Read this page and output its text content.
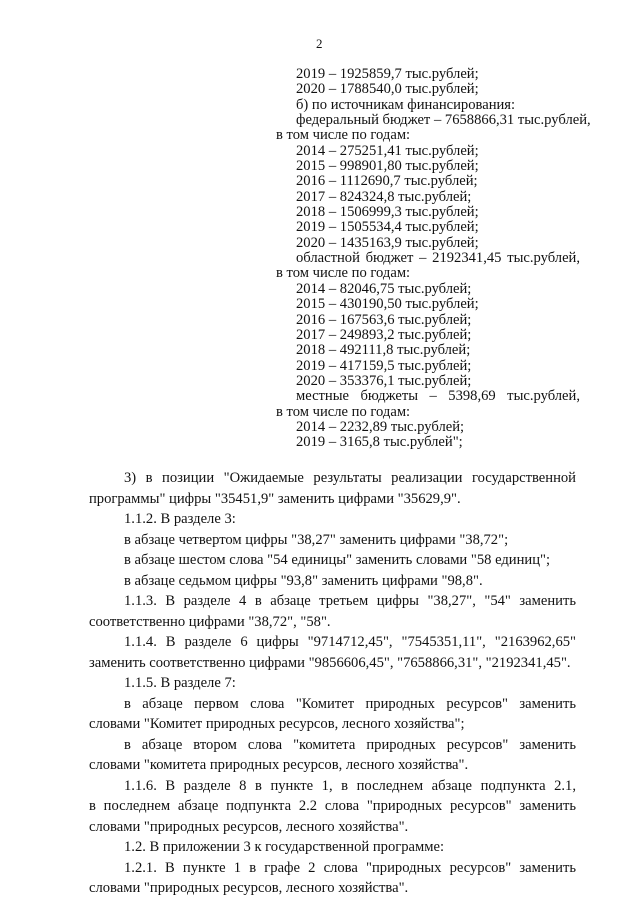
2
2019 – 1925859,7 тыс.рублей;
2020 – 1788540,0 тыс.рублей;
б) по источникам финансирования:
федеральный бюджет – 7658866,31 тыс.рублей,
в том числе по годам:
2014 – 275251,41 тыс.рублей;
2015 – 998901,80 тыс.рублей;
2016 – 1112690,7 тыс.рублей;
2017 – 824324,8 тыс.рублей;
2018 – 1506999,3 тыс.рублей;
2019 – 1505534,4 тыс.рублей;
2020 – 1435163,9 тыс.рублей;
областной бюджет – 2192341,45 тыс.рублей,
в том числе по годам:
2014 – 82046,75 тыс.рублей;
2015 – 430190,50 тыс.рублей;
2016 – 167563,6 тыс.рублей;
2017 – 249893,2 тыс.рублей;
2018 – 492111,8 тыс.рублей;
2019 – 417159,5 тыс.рублей;
2020 – 353376,1 тыс.рублей;
местные бюджеты – 5398,69 тыс.рублей,
в том числе по годам:
2014 – 2232,89 тыс.рублей;
2019 – 3165,8 тыс.рублей";
3) в позиции "Ожидаемые результаты реализации государственной
программы" цифры "35451,9" заменить цифрами "35629,9".
1.1.2. В разделе 3:
в абзаце четвертом цифры "38,27" заменить цифрами "38,72";
в абзаце шестом слова "54 единицы" заменить словами "58 единиц";
в абзаце седьмом цифры "93,8" заменить цифрами "98,8".
1.1.3. В разделе 4 в абзаце третьем цифры "38,27", "54" заменить
соответственно цифрами "38,72", "58".
1.1.4. В разделе 6 цифры "9714712,45", "7545351,11", "2163962,65"
заменить соответственно цифрами "9856606,45", "7658866,31", "2192341,45".
1.1.5. В разделе 7:
в абзаце первом слова "Комитет природных ресурсов" заменить
словами "Комитет природных ресурсов, лесного хозяйства";
в абзаце втором слова "комитета природных ресурсов" заменить
словами "комитета природных ресурсов, лесного хозяйства".
1.1.6. В разделе 8 в пункте 1, в последнем абзаце подпункта 2.1,
в последнем абзаце подпункта 2.2 слова "природных ресурсов" заменить
словами "природных ресурсов, лесного хозяйства".
1.2. В приложении 3 к государственной программе:
1.2.1. В пункте 1 в графе 2 слова "природных ресурсов" заменить
словами "природных ресурсов, лесного хозяйства".
